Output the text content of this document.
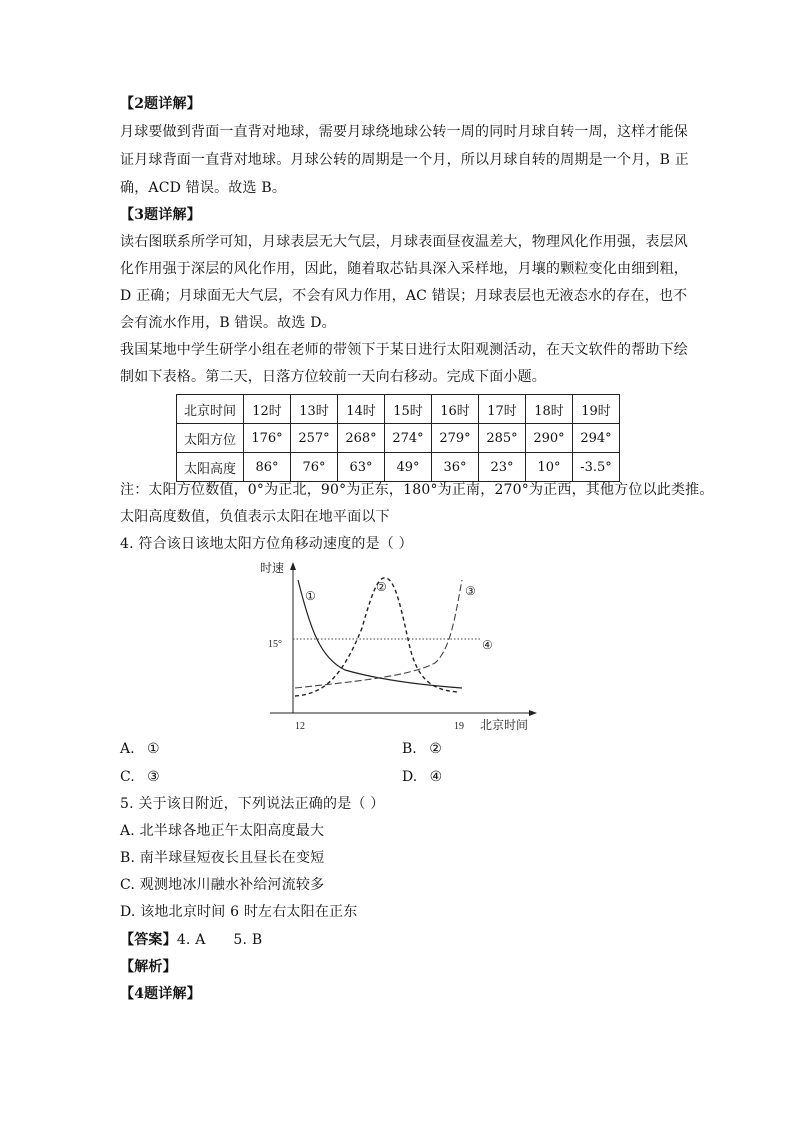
【2题详解】
月球要做到背面一直背对地球，需要月球绕地球公转一周的同时月球自转一周，这样才能保
证月球背面一直背对地球。月球公转的周期是一个月，所以月球自转的周期是一个月，B 正
确，ACD 错误。故选 B。
【3题详解】
读右图联系所学可知，月球表层无大气层，月球表面昼夜温差大，物理风化作用强，表层风
化作用强于深层的风化作用，因此，随着取芯钻具深入采样地，月壤的颗粒变化由细到粗，
D 正确；月球面无大气层，不会有风力作用，AC 错误；月球表层也无液态水的存在，也不
会有流水作用，B 错误。故选 D。
我国某地中学生研学小组在老师的带领下于某日进行太阳观测活动，在天文软件的帮助下绘
制如下表格。第二天，日落方位较前一天向右移动。完成下面小题。
北京时间	12时	13时	14时	15时	16时	17时	18时	19时
太阳方位	176°	257°	268°	274°	279°	285°	290°	294°
太阳高度	86°	76°	63°	49°	36°	23°	10°	-3.5°
注：太阳方位数值，0°为正北，90°为正东，180°为正南，270°为正西，其他方位以此类推。
太阳高度数值，负值表示太阳在地平面以下
4. 符合该日该地太阳方位角移动速度的是（ ）
时速
北京时间
15°
12	19
①
②	③
④
A. ①	B. ②
C. ③	D. ④
5. 关于该日附近，下列说法正确的是（ ）
A. 北半球各地正午太阳高度最大
B. 南半球昼短夜长且昼长在变短
C. 观测地冰川融水补给河流较多
D. 该地北京时间 6 时左右太阳在正东
【答案】4. A      5. B
【解析】
【4题详解】
